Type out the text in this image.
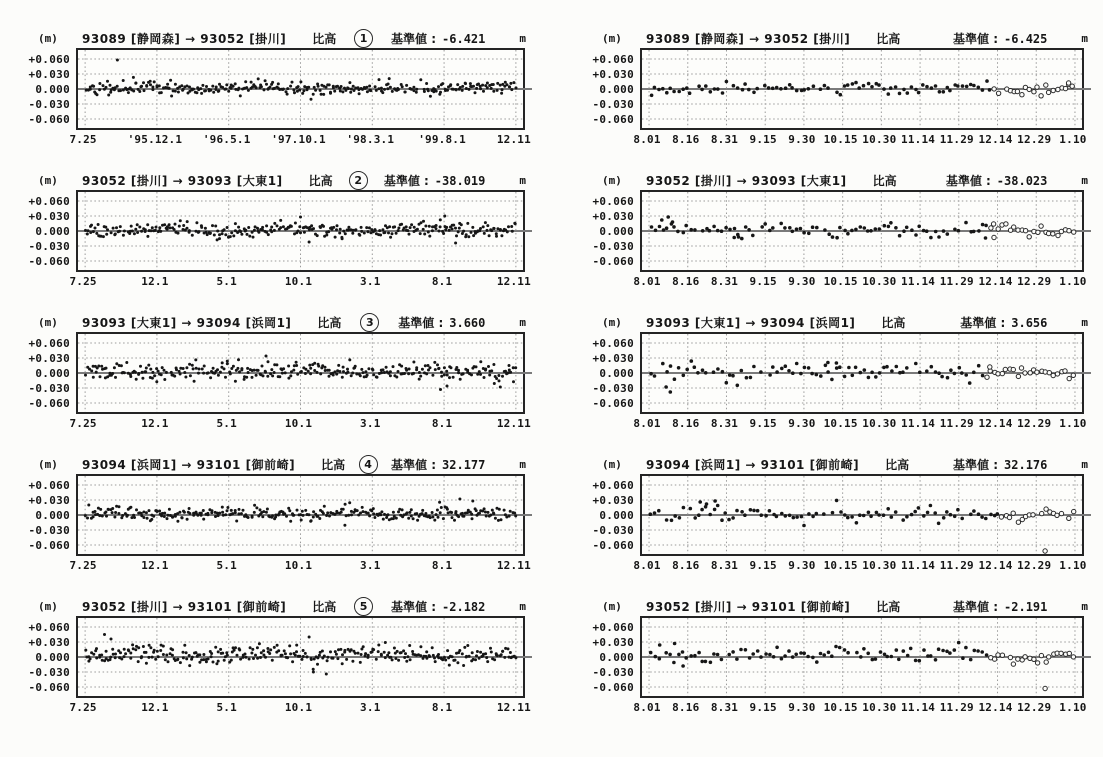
(m)	93089 [静岡森] → 93052 [掛川] 比高	1	基準値 : -6.421	m
+0.060
+0.030
0.000
-0.030
-0.060
7.25	'95.12.1 '96.5.1 '97.10.1 '98.3.1 '99.8.1	12.11
(m)	93052 [掛川] → 93093 [大東1] 比高	2	基準値 : -38.019	m
+0.060
+0.030
0.000
-0.030
-0.060
7.25	12.1	5.1	10.1	3.1	8.1	12.11
(m)	93093 [大東1] → 93094 [浜岡1] 比高	3	基準値 : 3.660	m
+0.060
+0.030
0.000
-0.030
-0.060
7.25	12.1	5.1	10.1	3.1	8.1	12.11
(m)	93094 [浜岡1] → 93101 [御前崎] 比高	4	基準値 : 32.177	m
+0.060
+0.030
0.000
-0.030
-0.060
7.25	12.1	5.1	10.1	3.1	8.1	12.11
(m)	93052 [掛川] → 93101 [御前崎] 比高	5	基準値 : -2.182	m
+0.060
+0.030
0.000
-0.030
-0.060
7.25	12.1	5.1	10.1	3.1	8.1	12.11
(m)	93089 [静岡森] → 93052 [掛川] 比高	基準値 : -6.425	m
+0.060
+0.030
0.000
-0.030
-0.060
8.01 8.16 8.31 9.15 9.30 10.15 10.30 11.14 11.29 12.14 12.29 1.10
(m)	93052 [掛川] → 93093 [大東1] 比高	基準値 : -38.023	m
+0.060
+0.030
0.000
-0.030
-0.060
8.01 8.16 8.31 9.15 9.30 10.15 10.30 11.14 11.29 12.14 12.29 1.10
(m)	93093 [大東1] → 93094 [浜岡1] 比高	基準値 : 3.656	m
+0.060
+0.030
0.000
-0.030
-0.060
8.01 8.16 8.31 9.15 9.30 10.15 10.30 11.14 11.29 12.14 12.29 1.10
(m)	93094 [浜岡1] → 93101 [御前崎] 比高	基準値 : 32.176	m
+0.060
+0.030
0.000
-0.030
-0.060
8.01 8.16 8.31 9.15 9.30 10.15 10.30 11.14 11.29 12.14 12.29 1.10
(m)	93052 [掛川] → 93101 [御前崎] 比高	基準値 : -2.191	m
+0.060
+0.030
0.000
-0.030
-0.060
8.01 8.16 8.31 9.15 9.30 10.15 10.30 11.14 11.29 12.14 12.29 1.10
